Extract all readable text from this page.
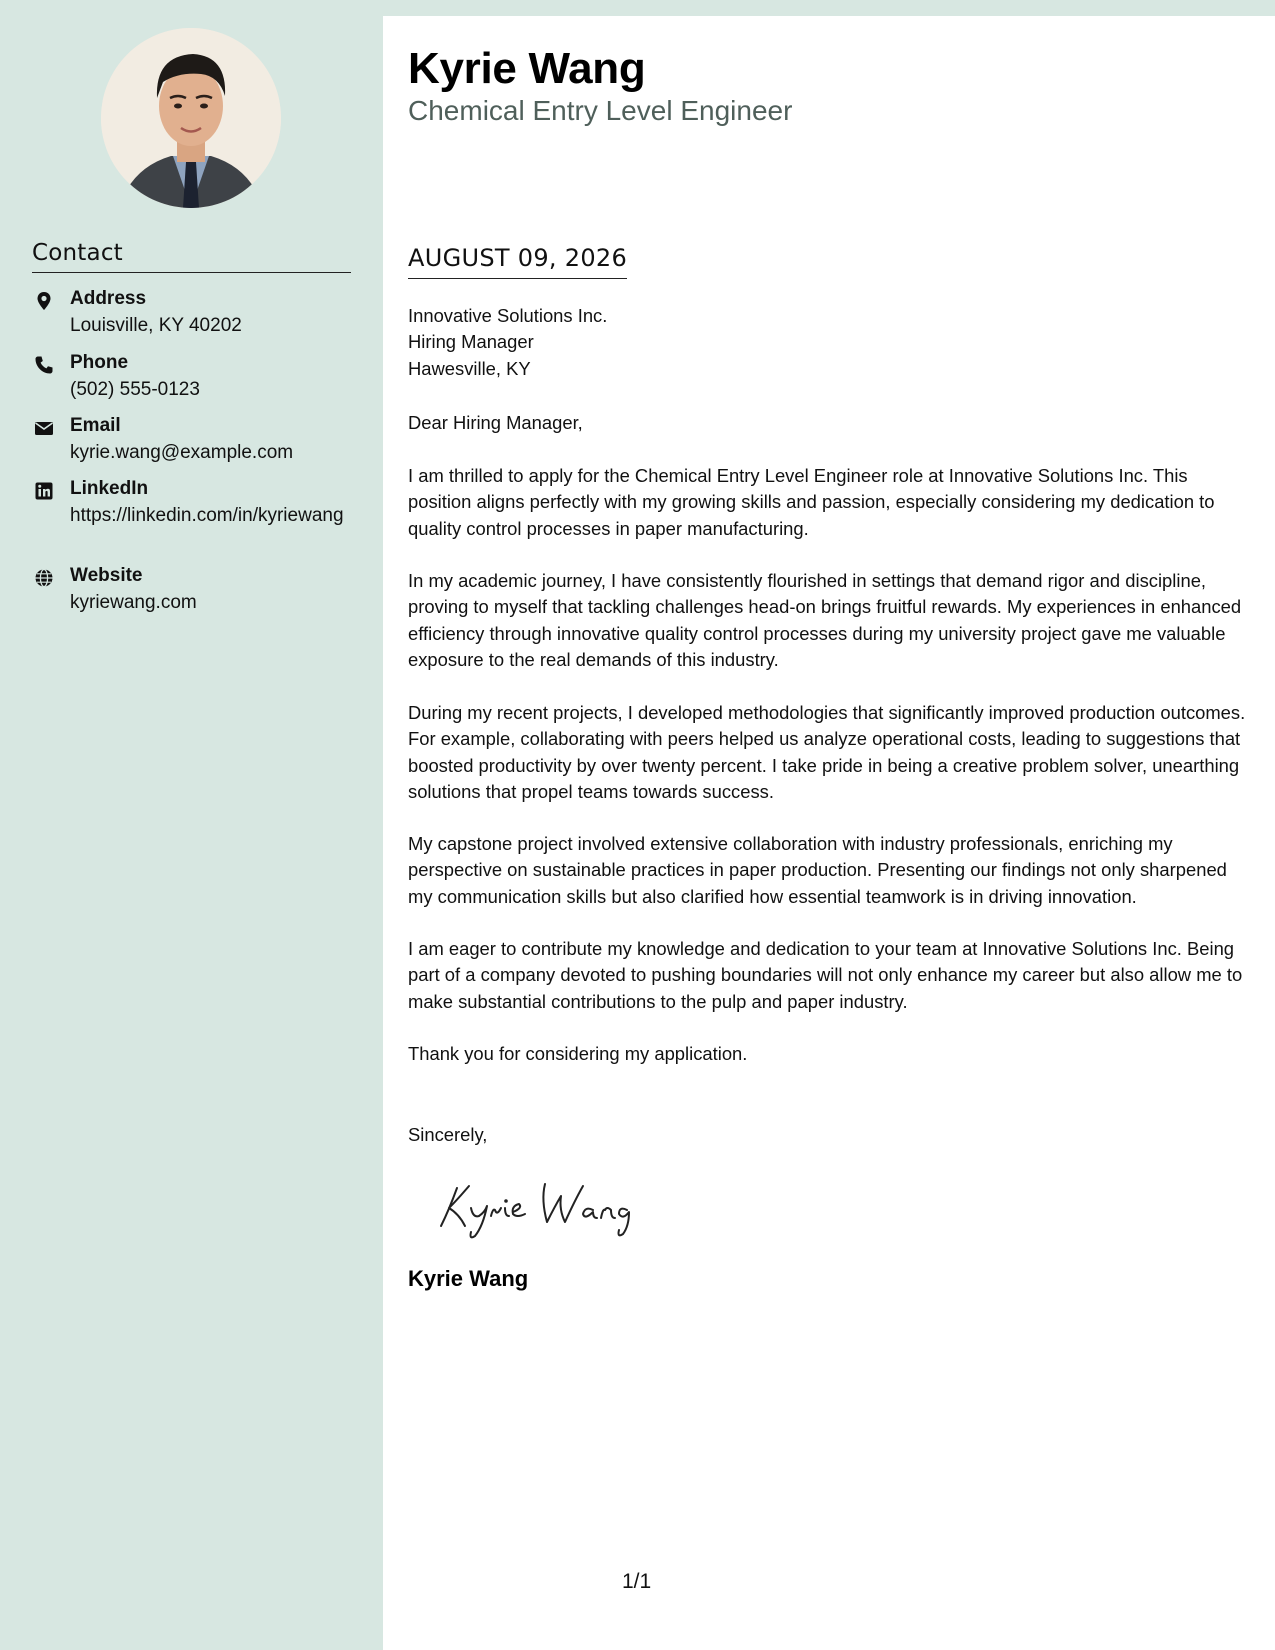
Contact
Address
Louisville, KY 40202
Phone
(502) 555-0123
Email
kyrie.wang@example.com
LinkedIn
https://linkedin.com/in/kyriewang
Website
kyriewang.com
Kyrie Wang
Chemical Entry Level Engineer
AUGUST 09, 2026
Innovative Solutions Inc.
Hiring Manager
Hawesville, KY
Dear Hiring Manager,
I am thrilled to apply for the Chemical Entry Level Engineer role at Innovative Solutions Inc. This position aligns perfectly with my growing skills and passion, especially considering my dedication to quality control processes in paper manufacturing.
In my academic journey, I have consistently flourished in settings that demand rigor and discipline, proving to myself that tackling challenges head-on brings fruitful rewards. My experiences in enhanced efficiency through innovative quality control processes during my university project gave me valuable exposure to the real demands of this industry.
During my recent projects, I developed methodologies that significantly improved production outcomes. For example, collaborating with peers helped us analyze operational costs, leading to suggestions that boosted productivity by over twenty percent. I take pride in being a creative problem solver, unearthing solutions that propel teams towards success.
My capstone project involved extensive collaboration with industry professionals, enriching my perspective on sustainable practices in paper production. Presenting our findings not only sharpened my communication skills but also clarified how essential teamwork is in driving innovation.
I am eager to contribute my knowledge and dedication to your team at Innovative Solutions Inc. Being part of a company devoted to pushing boundaries will not only enhance my career but also allow me to make substantial contributions to the pulp and paper industry.
Thank you for considering my application.
Sincerely,
Kyrie Wang
1/1
